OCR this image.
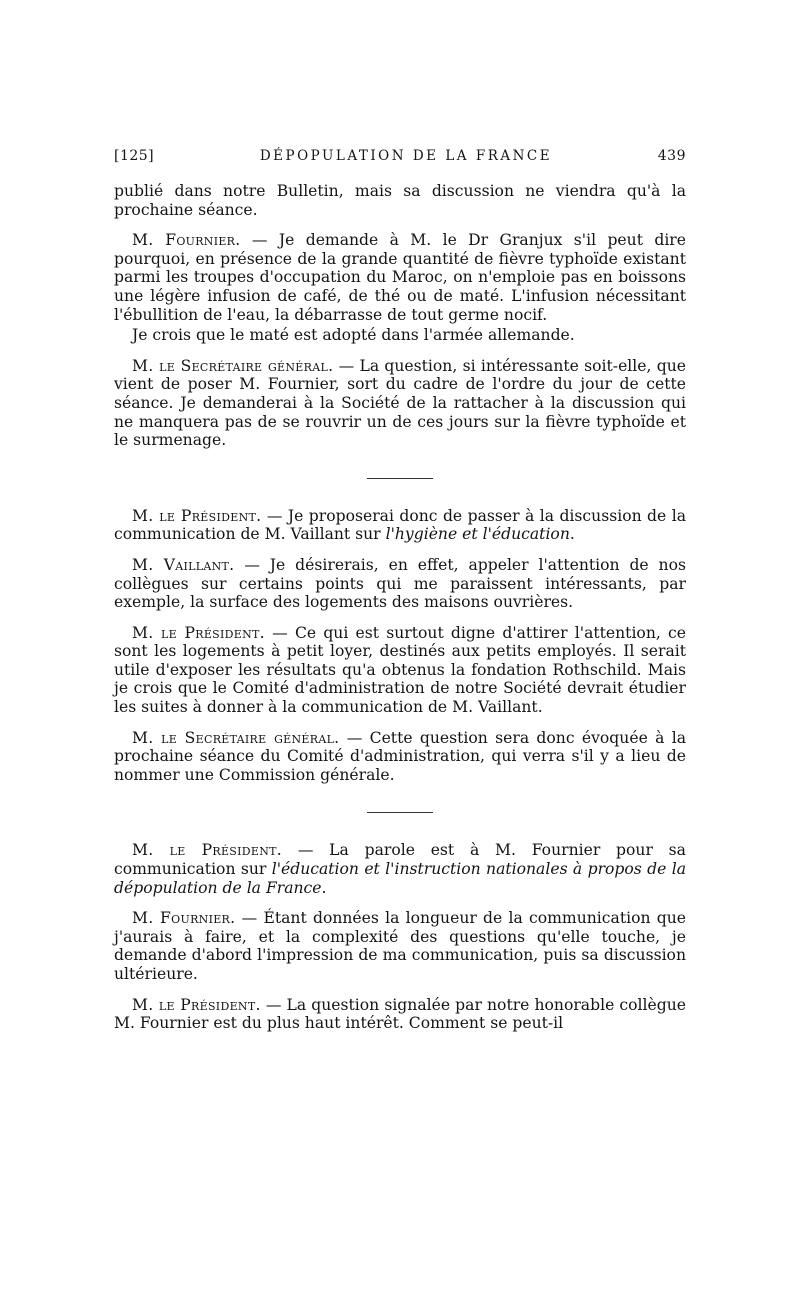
[125]	DÉPOPULATION DE LA FRANCE	439

publié dans notre Bulletin, mais sa discussion ne viendra qu'à la prochaine séance.

M. Fournier. — Je demande à M. le Dr Granjux s'il peut dire pourquoi, en présence de la grande quantité de fièvre typhoïde existant parmi les troupes d'occupation du Maroc, on n'emploie pas en boissons une légère infusion de café, de thé ou de maté. L'infusion nécessitant l'ébullition de l'eau, la débarrasse de tout germe nocif.

Je crois que le maté est adopté dans l'armée allemande.

M. le Secrétaire général. — La question, si intéressante soit-elle, que vient de poser M. Fournier, sort du cadre de l'ordre du jour de cette séance. Je demanderai à la Société de la rattacher à la discussion qui ne manquera pas de se rouvrir un de ces jours sur la fièvre typhoïde et le surmenage.

M. le Président. — Je proposerai donc de passer à la discussion de la communication de M. Vaillant sur l'hygiène et l'éducation.

M. Vaillant. — Je désirerais, en effet, appeler l'attention de nos collègues sur certains points qui me paraissent intéressants, par exemple, la surface des logements des maisons ouvrières.

M. le Président. — Ce qui est surtout digne d'attirer l'attention, ce sont les logements à petit loyer, destinés aux petits employés. Il serait utile d'exposer les résultats qu'a obtenus la fondation Rothschild. Mais je crois que le Comité d'administration de notre Société devrait étudier les suites à donner à la communication de M. Vaillant.

M. le Secrétaire général. — Cette question sera donc évoquée à la prochaine séance du Comité d'administration, qui verra s'il y a lieu de nommer une Commission générale.

M. le Président. — La parole est à M. Fournier pour sa communication sur l'éducation et l'instruction nationales à propos de la dépopulation de la France.

M. Fournier. — Étant données la longueur de la communication que j'aurais à faire, et la complexité des questions qu'elle touche, je demande d'abord l'impression de ma communication, puis sa discussion ultérieure.

M. le Président. — La question signalée par notre honorable collègue M. Fournier est du plus haut intérêt. Comment se peut-il
